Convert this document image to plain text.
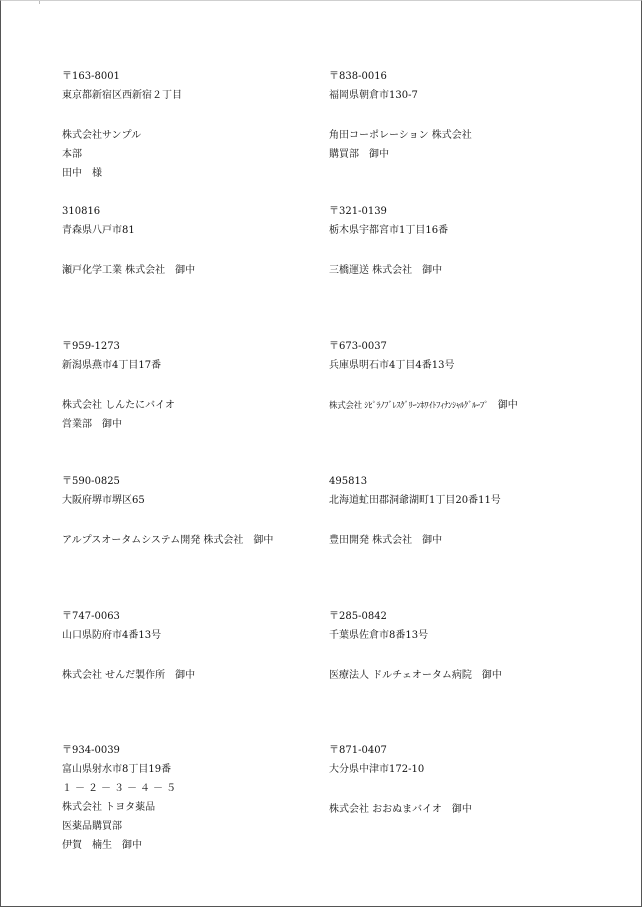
〒163-8001
東京都新宿区西新宿２丁目
株式会社サンプル
本部
田中　様
〒838-0016
福岡県朝倉市130-7
角田コーポレーション 株式会社
購買部　御中
310816
青森県八戸市81
瀬戸化学工業 株式会社　御中
〒321-0139
栃木県宇都宮市1丁目16番
三橋運送 株式会社　御中
〒959-1273
新潟県燕市4丁目17番
株式会社 しんたにバイオ
営業部　御中
〒673-0037
兵庫県明石市4丁目4番13号
株式会社 ｼﾋﾟﾗﾉﾌﾞﾚｽｸﾞﾘｰﾝﾎﾜｲﾄﾌｨﾅﾝｼｬﾙｸﾞﾙｰﾌﾟ 御中
〒590-0825
大阪府堺市堺区65
アルプスオータムシステム開発 株式会社　御中
495813
北海道虻田郡洞爺湖町1丁目20番11号
豊田開発 株式会社　御中
〒747-0063
山口県防府市4番13号
株式会社 せんだ製作所　御中
〒285-0842
千葉県佐倉市8番13号
医療法人 ドルチェオータム病院　御中
〒934-0039
富山県射水市8丁目19番
１－２－３－４－５
株式会社 トヨタ薬品
医薬品購買部
伊賀　楠生　御中
〒871-0407
大分県中津市172-10
株式会社 おおぬまバイオ　御中
